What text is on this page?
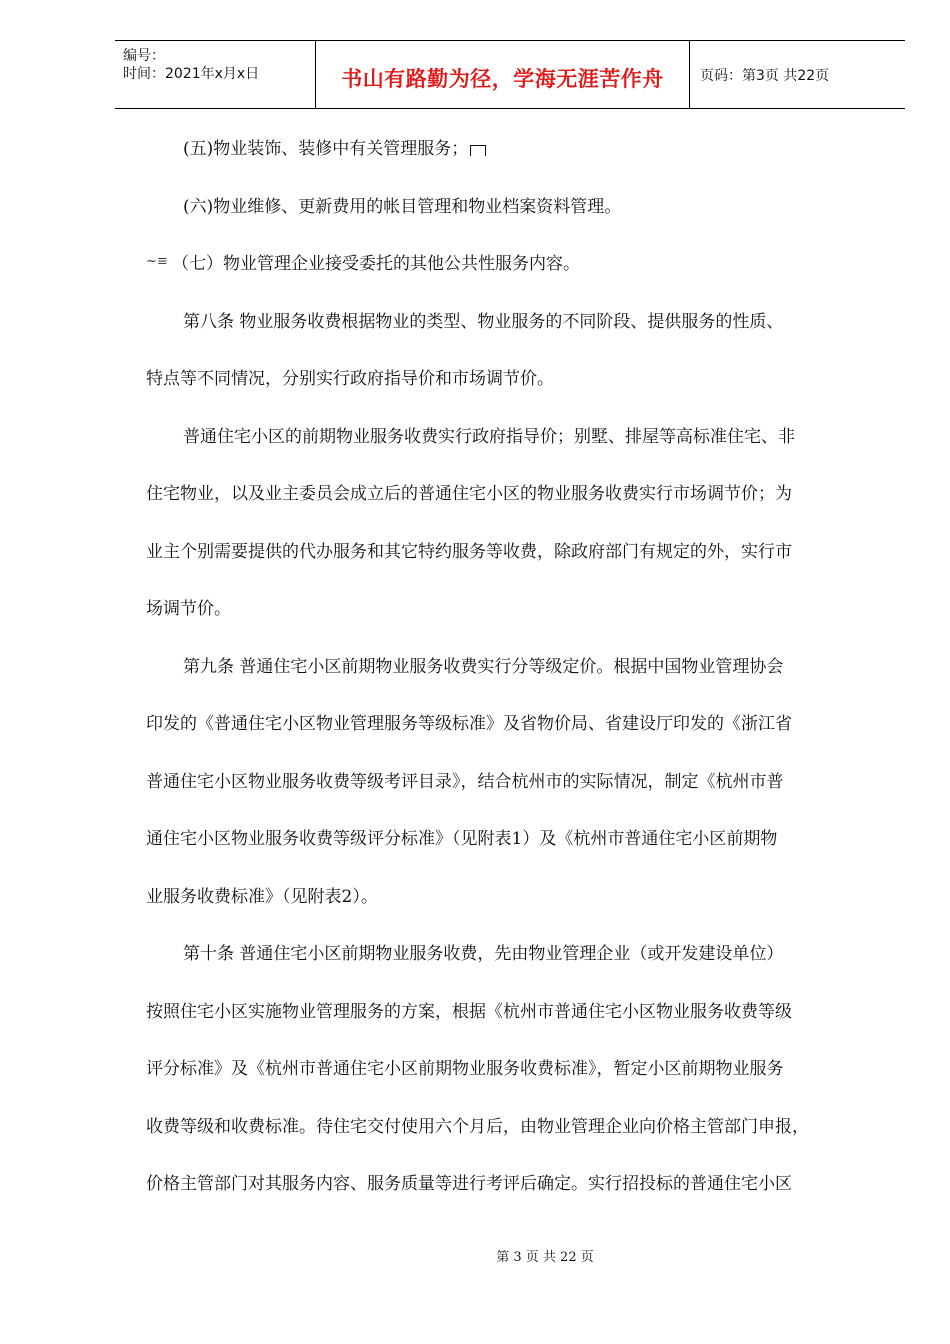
编号：
时间：2021年x月x日	书山有路勤为径，学海无涯苦作舟	页码：第3页 共22页
(五)物业装饰、装修中有关管理服务；
(六)物业维修、更新费用的帐目管理和物业档案资料管理。
~≡ （七）物业管理企业接受委托的其他公共性服务内容。
第八条 物业服务收费根据物业的类型、物业服务的不同阶段、提供服务的性质、
特点等不同情况，分别实行政府指导价和市场调节价。
普通住宅小区的前期物业服务收费实行政府指导价；别墅、排屋等高标准住宅、非
住宅物业，以及业主委员会成立后的普通住宅小区的物业服务收费实行市场调节价；为
业主个别需要提供的代办服务和其它特约服务等收费，除政府部门有规定的外，实行市
场调节价。
第九条 普通住宅小区前期物业服务收费实行分等级定价。根据中国物业管理协会
印发的《普通住宅小区物业管理服务等级标准》及省物价局、省建设厅印发的《浙江省
普通住宅小区物业服务收费等级考评目录》，结合杭州市的实际情况，制定《杭州市普
通住宅小区物业服务收费等级评分标准》（见附表1）及《杭州市普通住宅小区前期物
业服务收费标准》（见附表2）。
第十条 普通住宅小区前期物业服务收费，先由物业管理企业（或开发建设单位）
按照住宅小区实施物业管理服务的方案，根据《杭州市普通住宅小区物业服务收费等级
评分标准》及《杭州市普通住宅小区前期物业服务收费标准》，暂定小区前期物业服务
收费等级和收费标准。待住宅交付使用六个月后，由物业管理企业向价格主管部门申报，
价格主管部门对其服务内容、服务质量等进行考评后确定。实行招投标的普通住宅小区
第 3 页 共 22 页
